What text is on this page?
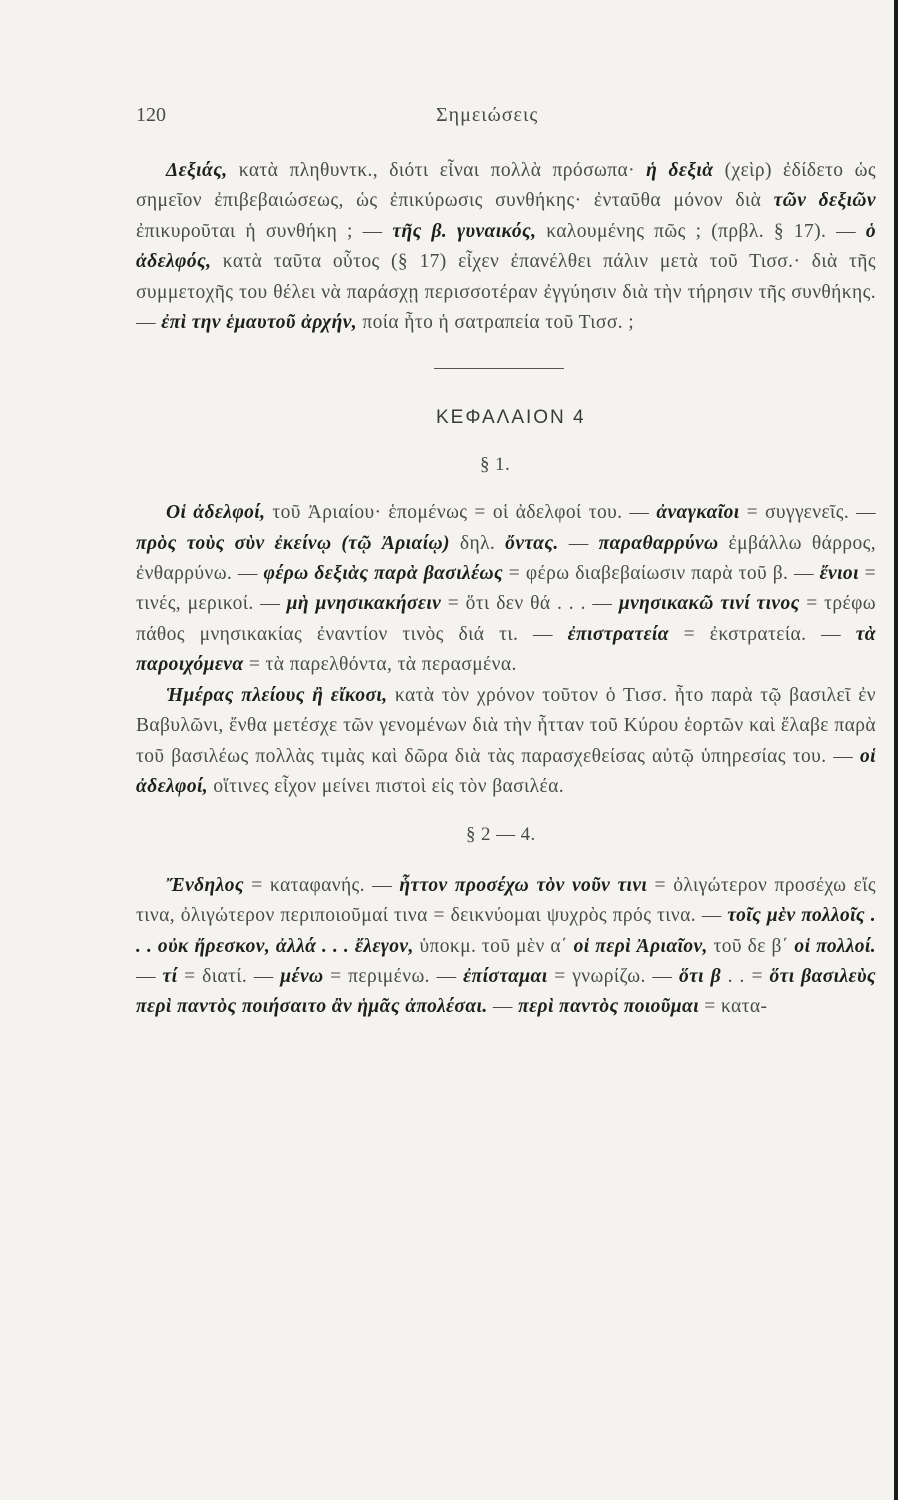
120	Σημειώσεις

Δεξιάς, κατὰ πληθυντκ., διότι εἶναι πολλὰ πρόσωπα· ἡ δεξιὰ (χεὶρ) ἐδίδετο ὡς σημεῖον ἐπιβεβαιώσεως, ὡς ἐπικύρωσις συνθήκης· ἐνταῦθα μόνον διὰ τῶν δεξιῶν ἐπικυροῦται ἡ συνθήκη ; — τῆς β. γυναικός, καλουμένης πῶς ; (πρβλ. § 17). — ὁ ἀδελφός, κατὰ ταῦτα οὗτος (§ 17) εἶχεν ἐπανέλθει πάλιν μετὰ τοῦ Τισσ.· διὰ τῆς συμμετοχῆς του θέλει νὰ παράσχῃ περισσοτέραν ἐγγύησιν διὰ τὴν τήρησιν τῆς συνθήκης. — ἐπὶ την ἑμαυτοῦ ἀρχήν, ποία ἦτο ἡ σατραπεία τοῦ Τισσ. ;

ΚΕΦΑΛΑΙΟΝ 4
§ 1.

Οἱ ἀδελφοί, τοῦ Ἀριαίου· ἑπομένως = οἱ ἀδελφοί του. — ἀναγκαῖοι = συγγενεῖς. — πρὸς τοὺς σὺν ἐκείνῳ (τῷ Ἀριαίῳ) δηλ. ὄντας. — παραθαρρύνω ἐμβάλλω θάρρος, ἐνθαρρύνω. — φέρω δεξιὰς παρὰ βασιλέως = φέρω διαβεβαίωσιν παρὰ τοῦ β. — ἔνιοι = τινές, μερικοί. — μὴ μνησικακήσειν = ὅτι δεν θά . . . — μνησικακῶ τινί τινος = τρέφω πάθος μνησικακίας ἐναντίον τινὸς διά τι. — ἐπιστρατεία = ἐκστρατεία. — τὰ παροιχόμενα = τὰ παρελθόντα, τὰ περασμένα.

Ἡμέρας πλείους ἢ εἴκοσι, κατὰ τὸν χρόνον τοῦτον ὁ Τισσ. ἦτο παρὰ τῷ βασιλεῖ ἐν Βαβυλῶνι, ἔνθα μετέσχε τῶν γενομένων διὰ τὴν ἧτταν τοῦ Κύρου ἑορτῶν καὶ ἔλαβε παρὰ τοῦ βασιλέως πολλὰς τιμὰς καὶ δῶρα διὰ τὰς παρασχεθείσας αὐτῷ ὑπηρεσίας του. — οἱ ἀδελφοί, οἵτινες εἶχον μείνει πιστοὶ εἰς τὸν βασιλέα.

§ 2 — 4.

Ἔνδηλος = καταφανής. — ἧττον προσέχω τὸν νοῦν τινι = ὀλιγώτερον προσέχω εἴς τινα, ὀλιγώτερον περιποιοῦμαί τινα = δεικνύομαι ψυχρὸς πρός τινα. — τοῖς μὲν πολλοῖς . . . οὐκ ἤρεσκον, ἀλλά . . . ἔλεγον, ὑποκμ. τοῦ μὲν α΄ οἱ περὶ Ἀριαῖον, τοῦ δε β΄ οἱ πολλοί. — τί = διατί. — μένω = περιμένω. — ἐπίσταμαι = γνωρίζω. — ὅτι β . . = ὅτι βασιλεὺς περὶ παντὸς ποιήσαιτο ἂν ἡμᾶς ἀπολέσαι. — περὶ παντὸς ποιοῦμαι = κατα-
